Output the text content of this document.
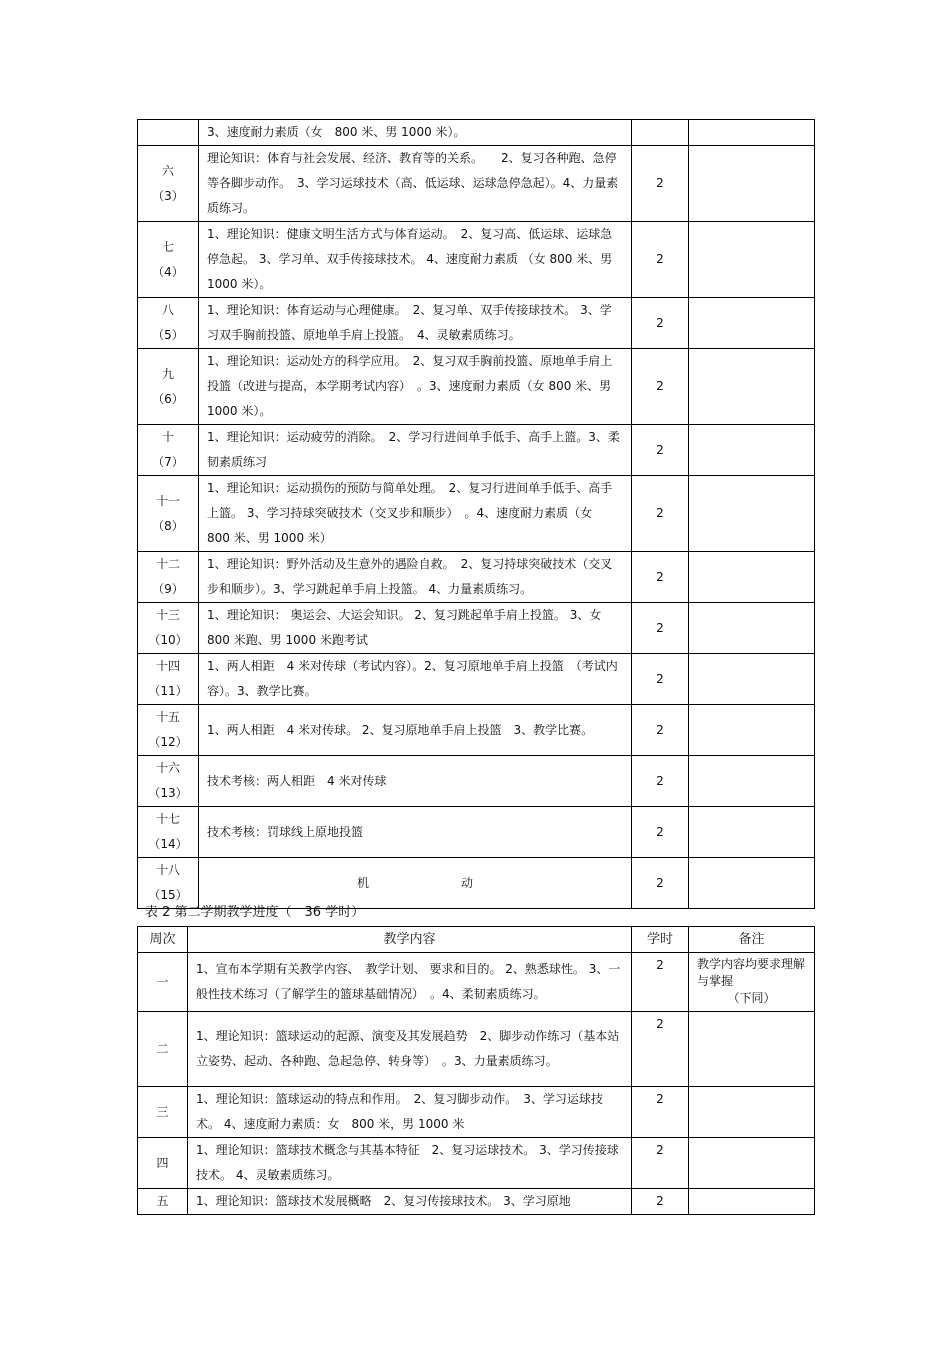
	3、速度耐力素质（女　800 米、男 1000 米）。		

六
（3）	理论知识：体育与社会发展、经济、教育等的关系。　　2、复习各种跑、急停等各脚步动作。　3、学习运球技术（高、低运球、运球急停急起）。4、力量素质练习。	2	

七
（4）	1、理论知识：健康文明生活方式与体育运动。　2、复习高、低运球、运球急停急起。 3、学习单、双手传接球技术。 4、速度耐力素质 （女 800 米、男 1000 米）。	2	

八
（5）	1、理论知识：体育运动与心理健康。　2、复习单、双手传接球技术。 3、学习双手胸前投篮、原地单手肩上投篮。　4、灵敏素质练习。	2	

九
（6）	1、理论知识：运动处方的科学应用。　2、复习双手胸前投篮、原地单手肩上投篮（改进与提高，本学期考试内容）　。3、速度耐力素质（女 800 米、男 1000 米）。	2	

十
（7）	1、理论知识：运动疲劳的消除。　2、学习行进间单手低手、高手上篮。3、柔韧素质练习	2	

十一
（8）	1、理论知识：运动损伤的预防与简单处理。　2、复习行进间单手低手、高手上篮。 3、学习持球突破技术（交叉步和顺步）　。4、速度耐力素质（女　800 米、男 1000 米）	2	

十二
（9）	1、理论知识：野外活动及生意外的遇险自救。　2、复习持球突破技术（交叉步和顺步）。3、学习跳起单手肩上投篮。 4、力量素质练习。	2	

十三
（10）	1、理论知识： 奥运会、大运会知识。 2、复习跳起单手肩上投篮。 3、女 800 米跑、男 1000 米跑考试	2	

十四
（11）	1、两人相距　4 米对传球（考试内容）。2、复习原地单手肩上投篮　（考试内容）。3、教学比赛。	2	

十五
（12）	1、两人相距　4 米对传球。 2、复习原地单手肩上投篮　3、教学比赛。	2	

十六
（13）	技术考核：两人相距　4 米对传球	2	

十七
（14）	技术考核：罚球线上原地投篮	2	

十八
（15）	机 动	2	
表 2 第二学期教学进度（　36 学时）
周次	教学内容	学时	备注
一	1、宣布本学期有关教学内容、　教学计划、 要求和目的。 2、熟悉球性。 3、一般性技术练习（了解学生的篮球基础情况）　。4、柔韧素质练习。	2	教学内容均要求理解与掌握
（下同）

二	1、理论知识：篮球运动的起源、演变及其发展趋势　2、脚步动作练习（基本站立姿势、起动、各种跑、急起急停、转身等）　。3、力量素质练习。	2	
三	1、理论知识：篮球运动的特点和作用。　2、复习脚步动作。　3、学习运球技术。 4、速度耐力素质：女　800 米，男 1000 米	2	
四	1、理论知识：篮球技术概念与其基本特征　2、复习运球技术。 3、学习传接球技术。 4、灵敏素质练习。	2	
五	1、理论知识：篮球技术发展概略　2、复习传接球技术。 3、学习原地	2	
